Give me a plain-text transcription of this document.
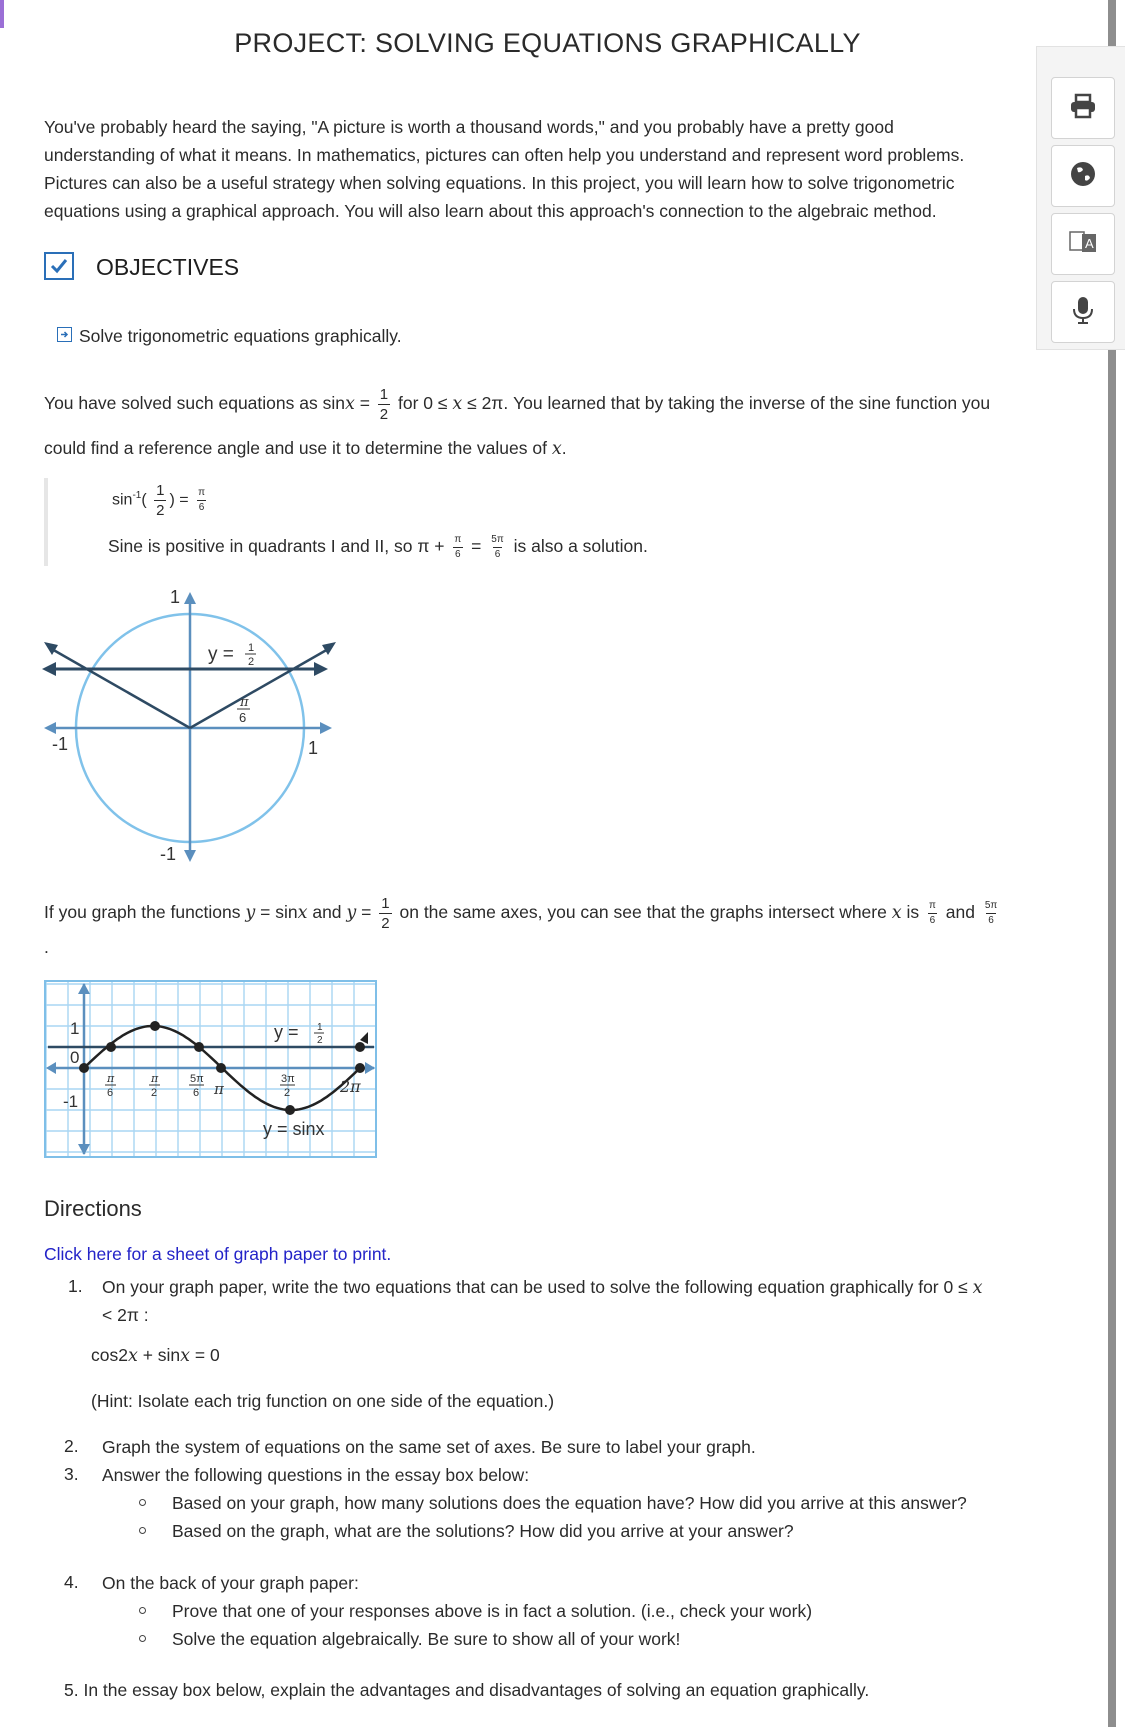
PROJECT: SOLVING EQUATIONS GRAPHICALLY
A
You've probably heard the saying, "A picture is worth a thousand words," and you probably have a pretty good
understanding of what it means. In mathematics, pictures can often help you understand and represent word problems.
Pictures can also be a useful strategy when solving equations. In this project, you will learn how to solve trigonometric
equations using a graphical approach. You will also learn about this approach's connection to the algebraic method.
OBJECTIVES
Solve trigonometric equations graphically.
You have solved such equations as $\sin x = \frac{1}{2}$ for 0 ≤ x ≤ 2π. You learned that by taking the inverse of the sine function you
could find a reference angle and use it to determine the values of x.
$\sin^{-1}( \frac{1}{2}$ ) = $\frac{\pi}{6}$
Sine is positive in quadrants I and II, so $\pi + \frac{\pi}{6} = \frac{5\pi}{6}$ is also a solution.
1
-1
-1	1
y = 1
2
π
6
If you graph the functions y = sinx and $y = \frac{1}{2}$ on the same axes, you can see that the graphs intersect where x is $\frac{\pi}{6}$ and $\frac{5\pi}{6}$
.
1
0
-1
π
6
π
2
5π
6 π
3π
2	2π
y = 1
2
y = sinx
Directions
Click here for a sheet of graph paper to print.
1. On your graph paper, write the two equations that can be used to solve the following equation graphically for 0 ≤ x
< 2π :
cos2x + sinx = 0
(Hint: Isolate each trig function on one side of the equation.)
2. Graph the system of equations on the same set of axes. Be sure to label your graph.
3. Answer the following questions in the essay box below:
Based on your graph, how many solutions does the equation have? How did you arrive at this answer?
Based on the graph, what are the solutions? How did you arrive at your answer?
4. On the back of your graph paper:
Prove that one of your responses above is in fact a solution. (i.e., check your work)
Solve the equation algebraically. Be sure to show all of your work!
5. In the essay box below, explain the advantages and disadvantages of solving an equation graphically.
